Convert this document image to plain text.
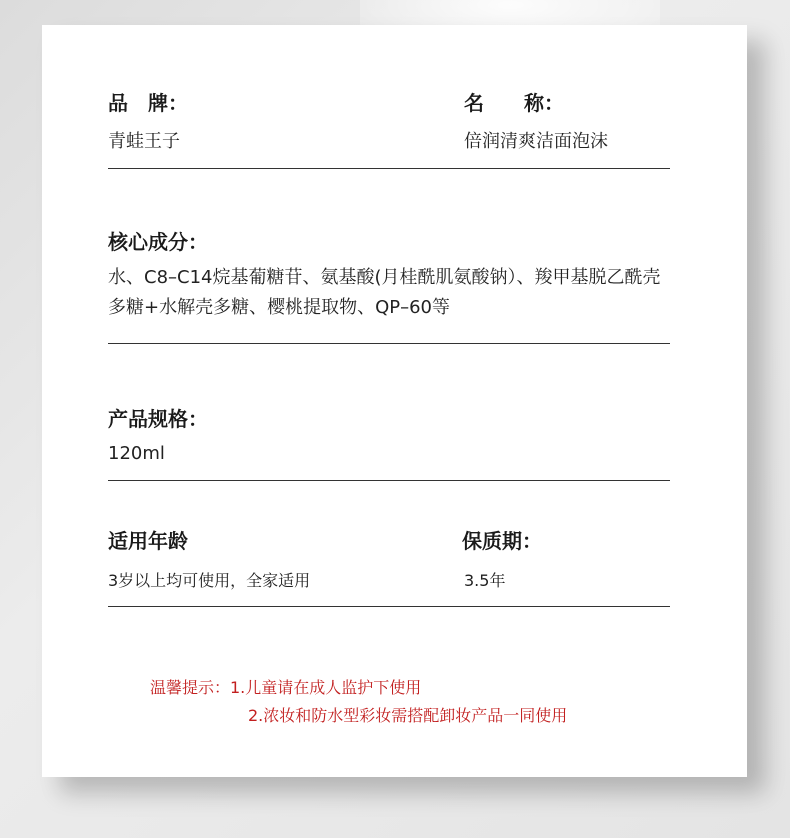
品　牌：	名　　称：
青蛙王子	倍润清爽洁面泡沫
核心成分：
水、C8–C14烷基葡糖苷、氨基酸(月桂酰肌氨酸钠）、羧甲基脱乙酰壳多糖+水解壳多糖、樱桃提取物、QP–60等
产品规格：
120ml
适用年龄	保质期：
3岁以上均可使用，全家适用	3.5年
温馨提示：1.儿童请在成人监护下使用
2.浓妆和防水型彩妆需搭配卸妆产品一同使用
